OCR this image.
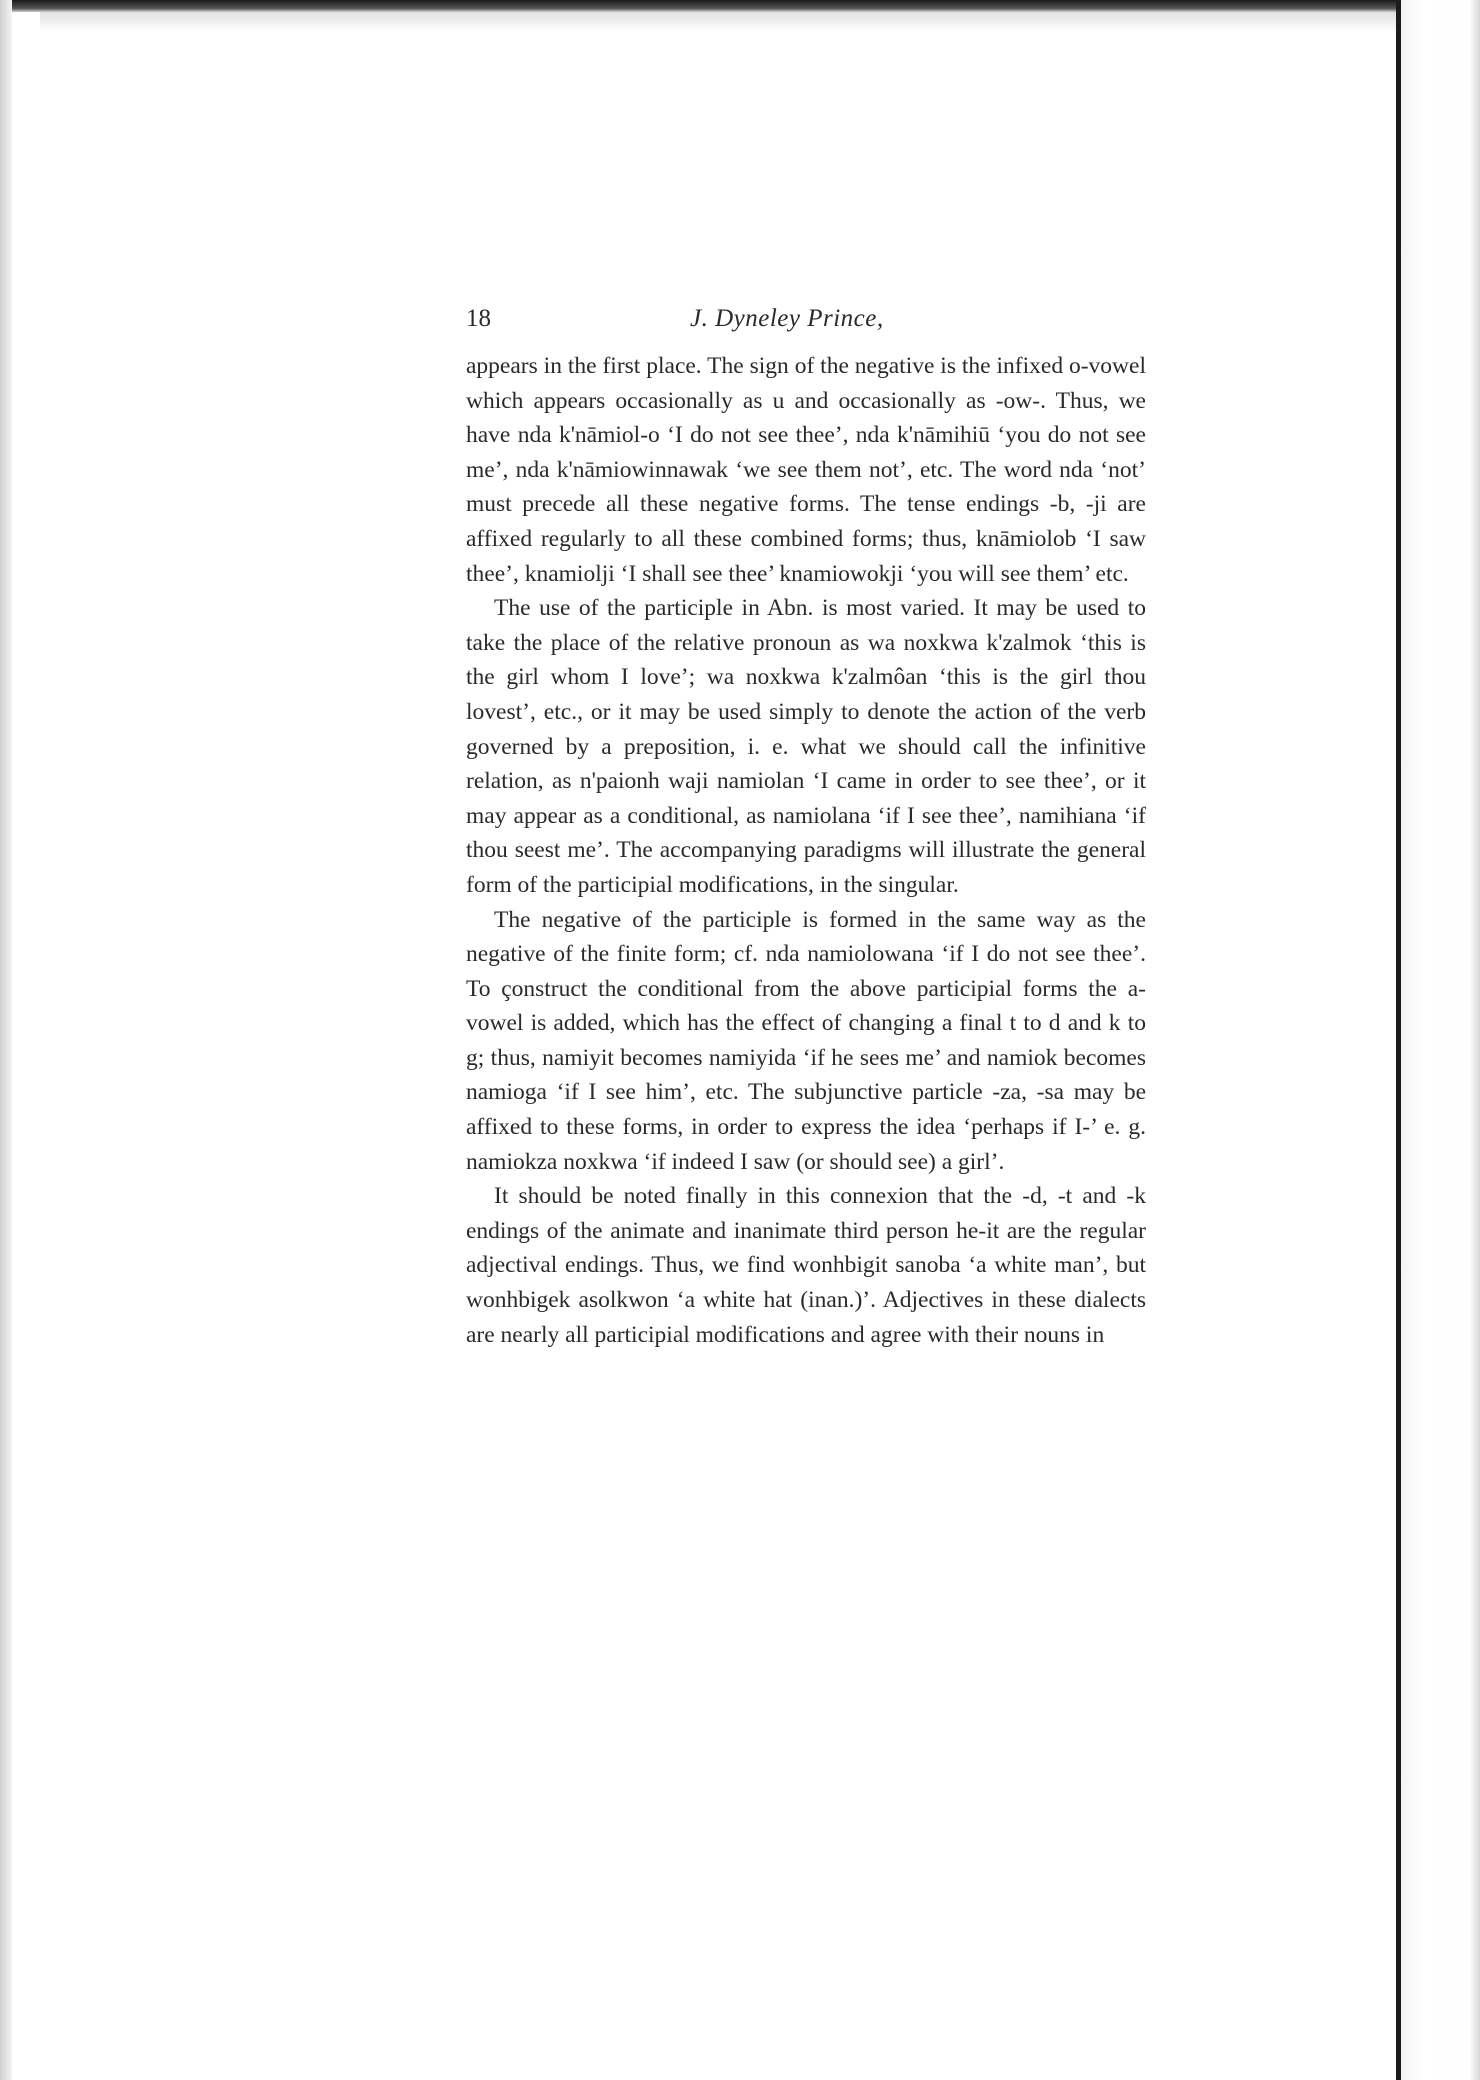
18	J. Dyneley Prince,

appears in the first place. The sign of the negative is the infixed o-vowel which appears occasionally as u and occasionally as -ow-. Thus, we have nda k'nāmiol-o ‘I do not see thee’, nda k'nāmihiū ‘you do not see me’, nda k'nāmiowinnawak ‘we see them not’, etc. The word nda ‘not’ must precede all these negative forms. The tense endings -b, -ji are affixed regularly to all these combined forms; thus, knāmiolob ‘I saw thee’, knamiolji ‘I shall see thee’ knamiowokji ‘you will see them’ etc.

The use of the participle in Abn. is most varied. It may be used to take the place of the relative pronoun as wa noxkwa k'zalmok ‘this is the girl whom I love’; wa noxkwa k'zalmôan ‘this is the girl thou lovest’, etc., or it may be used simply to denote the action of the verb governed by a preposition, i. e. what we should call the infinitive relation, as n'paionh waji namiolan ‘I came in order to see thee’, or it may appear as a conditional, as namiolana ‘if I see thee’, namihiana ‘if thou seest me’. The accompanying paradigms will illustrate the general form of the participial modifications, in the singular.

The negative of the participle is formed in the same way as the negative of the finite form; cf. nda namiolowana ‘if I do not see thee’. To çonstruct the conditional from the above participial forms the a-vowel is added, which has the effect of changing a final t to d and k to g; thus, namiyit becomes namiyida ‘if he sees me’ and namiok becomes namioga ‘if I see him’, etc. The subjunctive particle -za, -sa may be affixed to these forms, in order to express the idea ‘perhaps if I-’ e. g. namiokza noxkwa ‘if indeed I saw (or should see) a girl’.

It should be noted finally in this connexion that the -d, -t and -k endings of the animate and inanimate third person he-it are the regular adjectival endings. Thus, we find wonhbigit sanoba ‘a white man’, but wonhbigek asolkwon ‘a white hat (inan.)’. Adjectives in these dialects are nearly all participial modifications and agree with their nouns in
